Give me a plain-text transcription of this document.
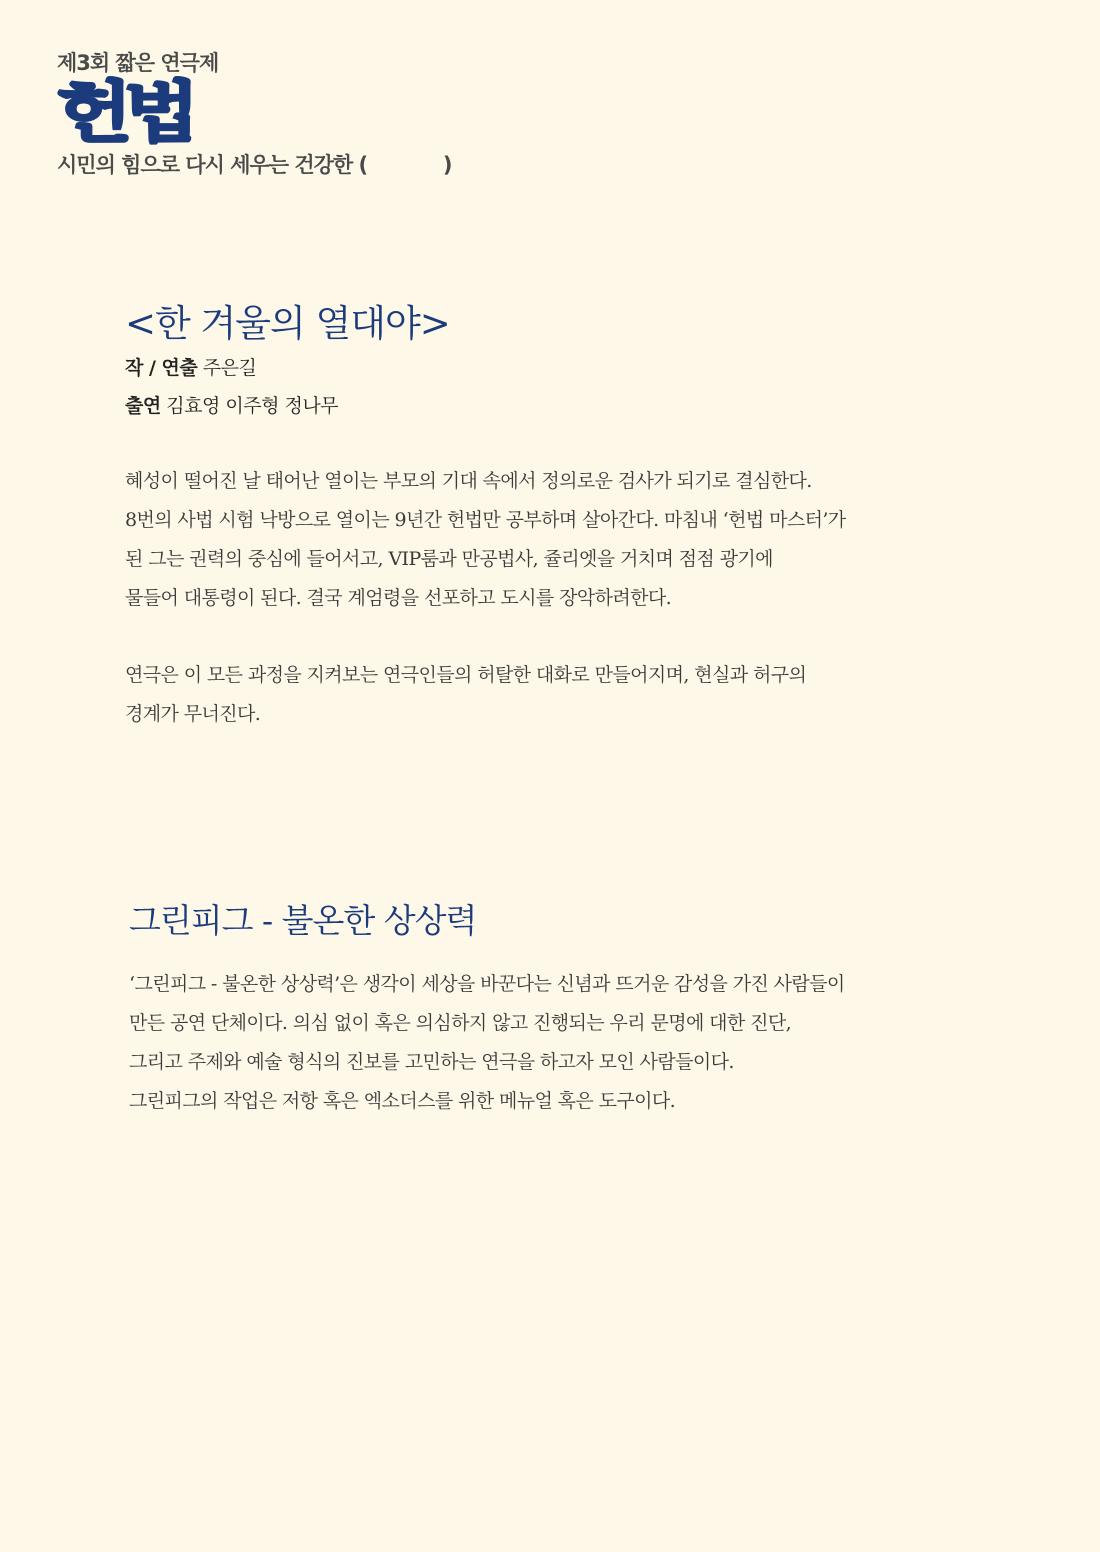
제3회 짧은 연극제
헌법
시민의 힘으로 다시 세우는 건강한 (            )
<한 겨울의 열대야>
작 / 연출 주은길
출연 김효영 이주형 정나무
혜성이 떨어진 날 태어난 열이는 부모의 기대 속에서 정의로운 검사가 되기로 결심한다.
8번의 사법 시험 낙방으로 열이는 9년간 헌법만 공부하며 살아간다. 마침내 ‘헌법 마스터’가
된 그는 권력의 중심에 들어서고, VIP룸과 만공법사, 쥴리엣을 거치며 점점 광기에
물들어 대통령이 된다. 결국 계엄령을 선포하고 도시를 장악하려한다.
연극은 이 모든 과정을 지켜보는 연극인들의 허탈한 대화로 만들어지며, 현실과 허구의
경계가 무너진다.
그린피그 - 불온한 상상력
‘그린피그 - 불온한 상상력’은 생각이 세상을 바꾼다는 신념과 뜨거운 감성을 가진 사람들이
만든 공연 단체이다. 의심 없이 혹은 의심하지 않고 진행되는 우리 문명에 대한 진단,
그리고 주제와 예술 형식의 진보를 고민하는 연극을 하고자 모인 사람들이다.
그린피그의 작업은 저항 혹은 엑소더스를 위한 메뉴얼 혹은 도구이다.
